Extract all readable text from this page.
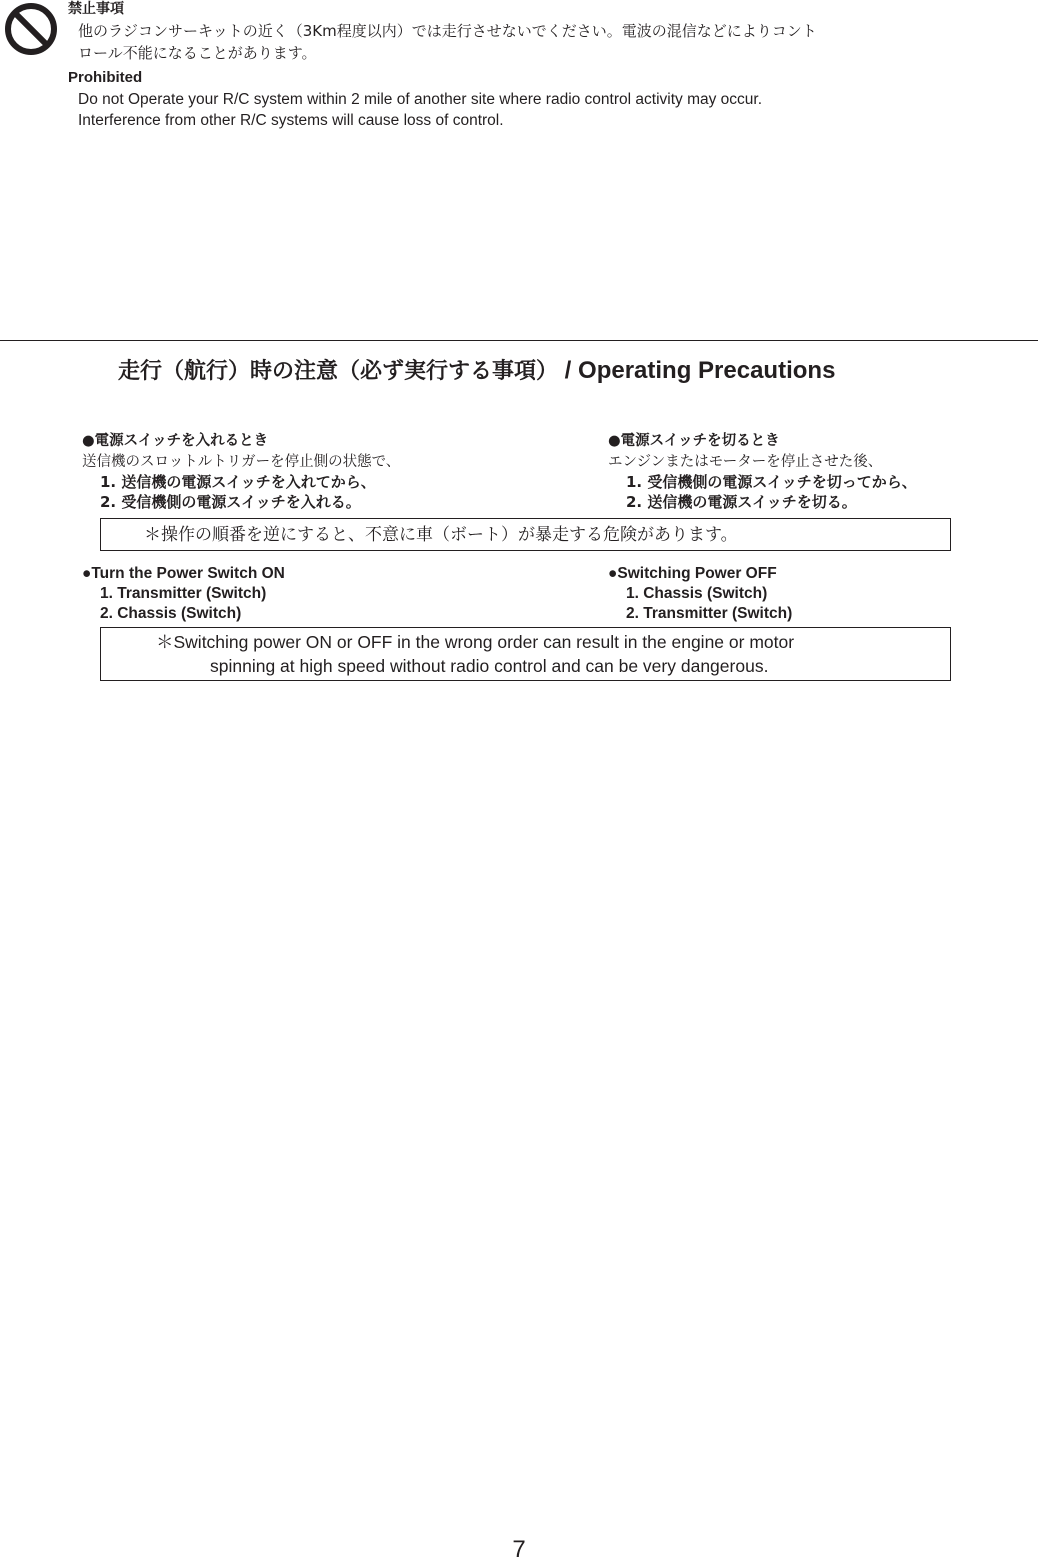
禁止事項
他のラジコンサーキットの近く（3Km程度以内）では走行させないでください。電波の混信などによりコント
ロール不能になることがあります。
Prohibited
Do not Operate your R/C system within 2 mile of another site where radio control activity may occur.
Interference from other R/C systems will cause loss of control.
走行（航行）時の注意（必ず実行する事項） / Operating Precautions
●電源スイッチを入れるとき
送信機のスロットルトリガーを停止側の状態で、
1. 送信機の電源スイッチを入れてから、
2. 受信機側の電源スイッチを入れる。
●電源スイッチを切るとき
エンジンまたはモーターを停止させた後、
1. 受信機側の電源スイッチを切ってから、
2. 送信機の電源スイッチを切る。
＊操作の順番を逆にすると、不意に車（ボート）が暴走する危険があります。
●Turn the Power Switch ON
1. Transmitter (Switch)
2. Chassis (Switch)
●Switching Power OFF
1. Chassis (Switch)
2. Transmitter (Switch)
＊Switching power ON or OFF in the wrong order can result in the engine or motor
spinning at high speed without radio control and can be very dangerous.
7
